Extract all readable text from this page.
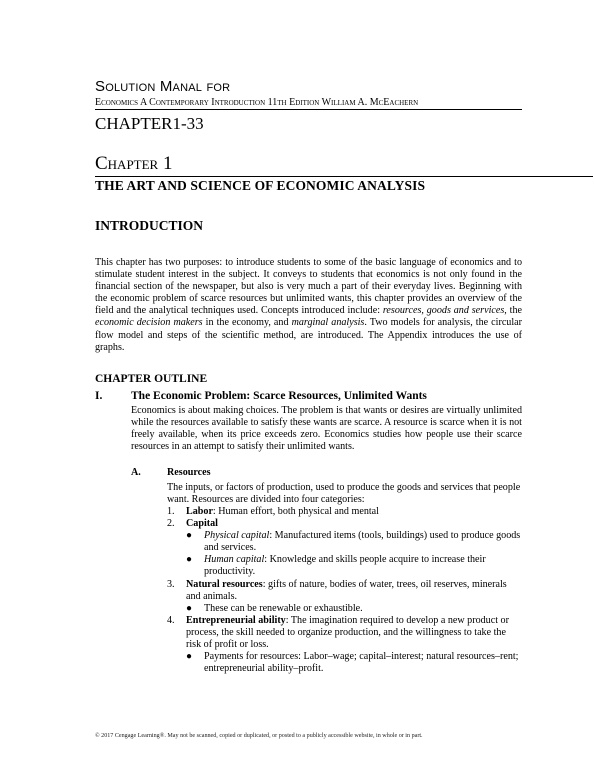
Solution Manal for
Economics A Contemporary Introduction 11th Edition William A. McEachern
CHAPTER1-33
Chapter 1
THE ART AND SCIENCE OF ECONOMIC ANALYSIS
INTRODUCTION
This chapter has two purposes: to introduce students to some of the basic language of economics and to stimulate student interest in the subject. It conveys to students that economics is not only found in the financial section of the newspaper, but also is very much a part of their everyday lives. Beginning with the economic problem of scarce resources but unlimited wants, this chapter provides an overview of the field and the analytical techniques used. Concepts introduced include: resources, goods and services, the economic decision makers in the economy, and marginal analysis. Two models for analysis, the circular flow model and steps of the scientific method, are introduced. The Appendix introduces the use of graphs.
CHAPTER OUTLINE
I. The Economic Problem: Scarce Resources, Unlimited Wants
Economics is about making choices. The problem is that wants or desires are virtually unlimited while the resources available to satisfy these wants are scarce. A resource is scarce when it is not freely available, when its price exceeds zero. Economics studies how people use their scarce resources in an attempt to satisfy their unlimited wants.
A.	Resources
The inputs, or factors of production, used to produce the goods and services that people want. Resources are divided into four categories:
1. Labor: Human effort, both physical and mental
2. Capital
● Physical capital: Manufactured items (tools, buildings) used to produce goods and services.
● Human capital: Knowledge and skills people acquire to increase their productivity.
3. Natural resources: gifts of nature, bodies of water, trees, oil reserves, minerals and animals.
● These can be renewable or exhaustible.
4. Entrepreneurial ability: The imagination required to develop a new product or process, the skill needed to organize production, and the willingness to take the risk of profit or loss.
● Payments for resources: Labor–wage; capital–interest; natural resources–rent; entrepreneurial ability–profit.
© 2017 Cengage Learning®. May not be scanned, copied or duplicated, or posted to a publicly accessible website, in whole or in part.
